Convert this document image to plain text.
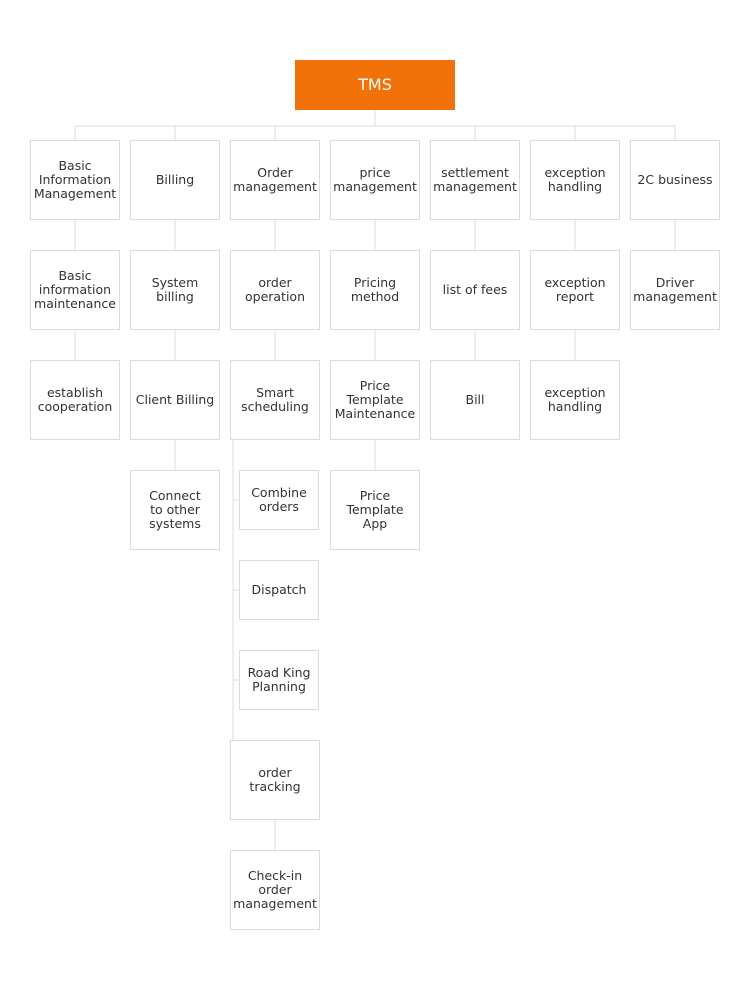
TMS
Basic
Information
Management
Basic
information
maintenance
establish
cooperation
Billing
System
billing
Client Billing
Connect
to other
systems
Order
management
order
operation
Smart
scheduling
Combine
orders
Dispatch
Road King
Planning
order
tracking
Check-in
order
management
price
management
Pricing
method
Price
Template
Maintenance
Price
Template
App
settlement
management
list of fees
Bill
exception
handling
exception
report
exception
handling
2C business
Driver
management
